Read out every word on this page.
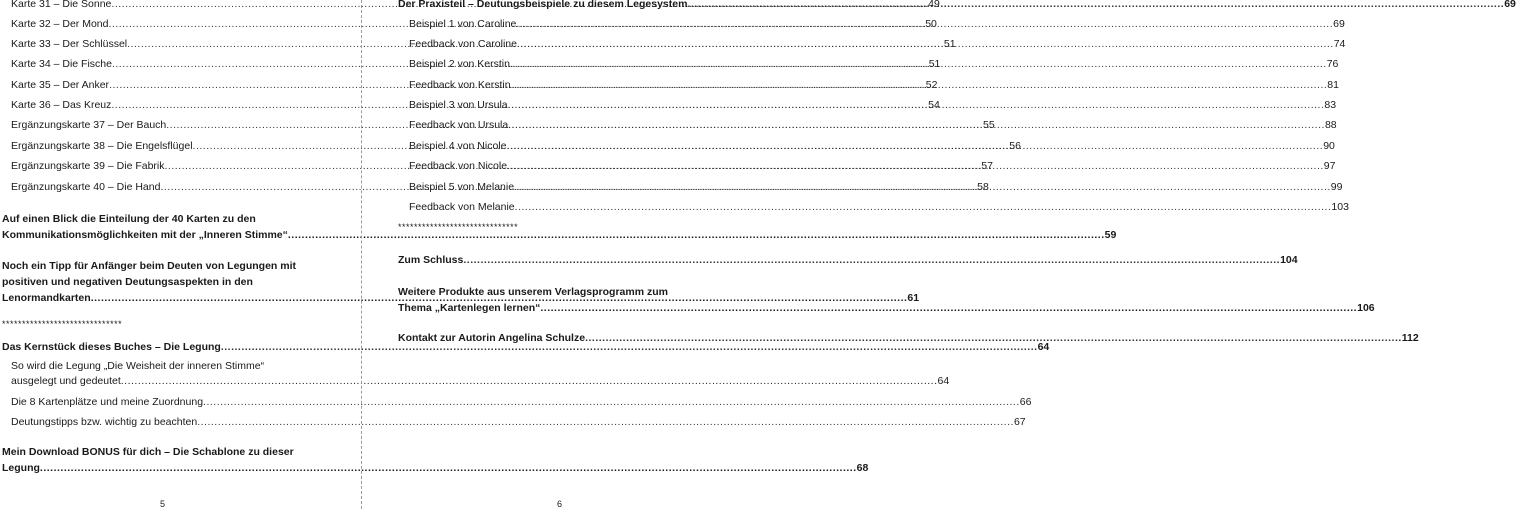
Karte 31 – Die Sonne .....	49
Karte 32 – Der Mond .....	50
Karte 33 – Der Schlüssel .....	51
Karte 34 – Die Fische .....	51
Karte 35 – Der Anker .....	52
Karte 36 – Das Kreuz .....	54
Ergänzungskarte 37 – Der Bauch .....	55
Ergänzungskarte 38 – Die Engelsflügel .....	56
Ergänzungskarte 39 – Die Fabrik .....	57
Ergänzungskarte 40 – Die Hand .....	58
Auf einen Blick die Einteilung der 40 Karten zu den
Kommunikationsmöglichkeiten mit der „Inneren Stimme“ .....	59
Noch ein Tipp für Anfänger beim Deuten von Legungen mit
positiven und negativen Deutungsaspekten in den
Lenormandkarten .....	61
******************************
Das Kernstück dieses Buches – Die Legung .....	64
So wird die Legung „Die Weisheit der inneren Stimme“
ausgelegt und gedeutet .....	64
Die 8 Kartenplätze und meine Zuordnung .....	66
Deutungstipps bzw. wichtig zu beachten .....	67
Mein Download BONUS für dich – Die Schablone zu dieser
Legung .....	68
5
Der Praxisteil – Deutungsbeispiele zu diesem Legesystem .....	69
Beispiel 1 von Caroline .....	69
Feedback von Caroline .....	74
Beispiel 2 von Kerstin .....	76
Feedback von Kerstin .....	81
Beispiel 3 von Ursula .....	83
Feedback von Ursula .....	88
Beispiel 4 von Nicole .....	90
Feedback von Nicole .....	97
Beispiel 5 von Melanie .....	99
Feedback von Melanie .....	103
******************************
Zum Schluss .....	104
Weitere Produkte aus unserem Verlagsprogramm zum
Thema „Kartenlegen lernen“ .....	106
Kontakt zur Autorin Angelina Schulze .....	112
6
